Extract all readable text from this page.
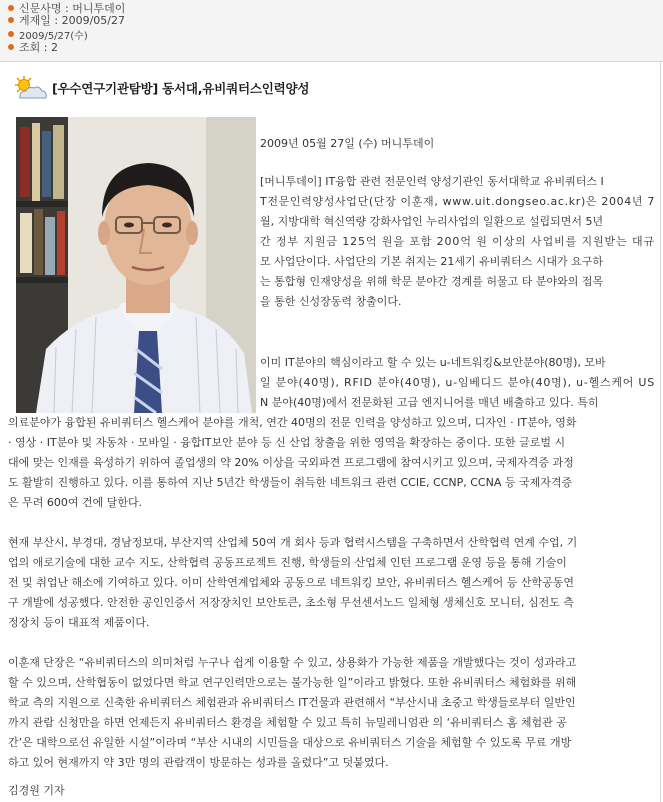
신문사명 : 머니투데이
게재일 : 2009/05/27
2009/5/27(수)
조회 : 2
[우수연구기관탐방] 동서대,유비쿼터스인력양성
2009년 05월 27일 (수) 머니투데이
[머니투데이] IT융합 관련 전문인력 양성기관인 동서대학교 유비쿼터스 I
T전문인력양성사업단(단장 이훈재, www.uit.dongseo.ac.kr)은 2004년 7
월, 지방대학 혁신역량 강화사업인 누리사업의 일환으로 설립되면서 5년
간 정부 지원금 125억 원을 포함 200억 원 이상의 사업비를 지원받는 대규
모 사업단이다. 사업단의 기본 취지는 21세기 유비쿼터스 시대가 요구하
는 통합형 인재양성을 위해 학문 분야간 경계를 허물고 타 분야와의 접목
을 통한 신성장동력 창출이다.
이미 IT분야의 핵심이라고 할 수 있는 u-네트워킹&보안분야(80명), 모바
일 분야(40명), RFID 분야(40명), u-임베디드 분야(40명), u-헬스케어 US
N 분야(40명)에서 전문화된 고급 엔지니어를 매년 배출하고 있다. 특히
의료분야가 융합된 유비쿼터스 헬스케어 분야를 개척, 연간 40명의 전문 인력을 양성하고 있으며, 디자인 · IT분야, 영화
· 영상 · IT분야 및 자동차 · 모바일 · 융합IT보안 분야 등 신 산업 창출을 위한 영역을 확장하는 중이다. 또한 글로벌 시
대에 맞는 인재를 육성하기 위하여 졸업생의 약 20% 이상을 국외파견 프로그램에 참여시키고 있으며, 국제자격증 과정
도 활발히 진행하고 있다. 이를 통하여 지난 5년간 학생들이 취득한 네트워크 관련 CCIE, CCNP, CCNA 등 국제자격증
은 무려 600여 건에 달한다.
현재 부산시, 부경대, 경남정보대, 부산지역 산업체 50여 개 회사 등과 협력시스템을 구축하면서 산학협력 연계 수업, 기
업의 애로기술에 대한 교수 지도, 산학협력 공동프로젝트 진행, 학생들의 산업체 인턴 프로그램 운영 등을 통해 기술이
전 및 취업난 해소에 기여하고 있다. 이미 산학연계업체와 공동으로 네트워킹 보안, 유비쿼터스 헬스케어 등 산학공동연
구 개발에 성공했다. 안전한 공인인증서 저장장치인 보안토큰, 초소형 무선센서노드 일체형 생체신호 모니터, 심전도 측
정장치 등이 대표적 제품이다.
이훈재 단장은 “유비쿼터스의 의미처럼 누구나 쉽게 이용할 수 있고, 상용화가 가능한 제품을 개발했다는 것이 성과라고
할 수 있으며, 산학협동이 없었다면 학교 연구인력만으로는 불가능한 일”이라고 밝혔다. 또한 유비쿼터스 체험화를 위해
학교 측의 지원으로 신축한 유비쿼터스 체험관과 유비쿼터스 IT건물과 관련해서 “부산시내 초중고 학생들로부터 일반인
까지 관람 신청만을 하면 언제든지 유비쿼터스 환경을 체험할 수 있고 특히 뉴밀레니엄관 의 ‘유비쿼터스 홈 체험관 공
간’은 대학으로선 유일한 시설”이라며 “부산 시내의 시민들을 대상으로 유비쿼터스 기술을 체험할 수 있도록 무료 개방
하고 있어 현재까지 약 3만 명의 관람객이 방문하는 성과를 올렸다”고 덧붙였다.
김경원 기자
